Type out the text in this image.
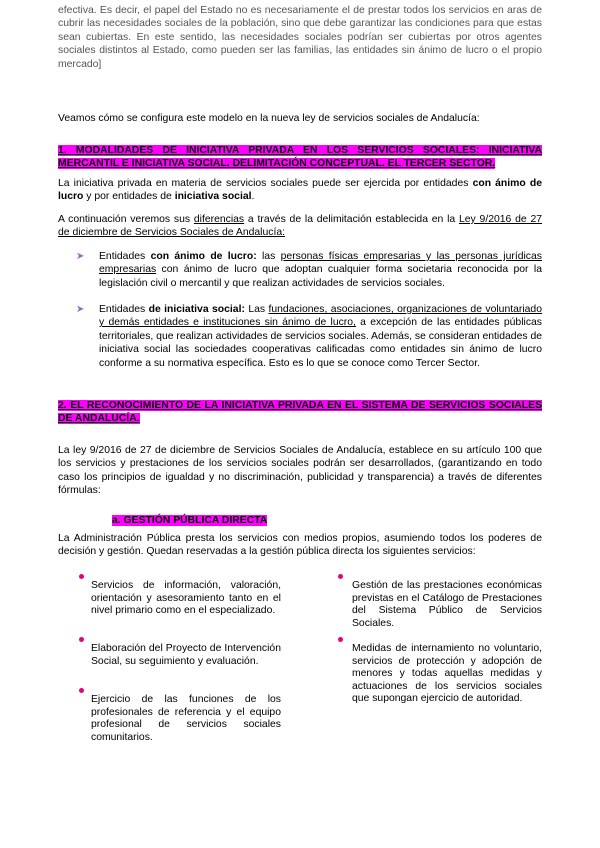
efectiva. Es decir, el papel del Estado no es necesariamente el de prestar todos los servicios en aras de cubrir las necesidades sociales de la población, sino que debe garantizar las condiciones para que estas sean cubiertas. En este sentido, las necesidades sociales podrían ser cubiertas por otros agentes sociales distintos al Estado, como pueden ser las familias, las entidades sin ánimo de lucro o el propio mercado]

Veamos cómo se configura este modelo en la nueva ley de servicios sociales de Andalucía:

1. MODALIDADES DE INICIATIVA PRIVADA EN LOS SERVICIOS SOCIALES: INICIATIVA MERCANTIL E INICIATIVA SOCIAL. DELIMITACIÓN CONCEPTUAL. EL TERCER SECTOR.

La iniciativa privada en materia de servicios sociales puede ser ejercida por entidades con ánimo de lucro y por entidades de iniciativa social.

A continuación veremos sus diferencias a través de la delimitación establecida en la Ley 9/2016 de 27 de diciembre de Servicios Sociales de Andalucía:

➤ Entidades con ánimo de lucro: las personas físicas empresarias y las personas jurídicas empresarias con ánimo de lucro que adoptan cualquier forma societaria reconocida por la legislación civil o mercantil y que realizan actividades de servicios sociales.

➤ Entidades de iniciativa social: Las fundaciones, asociaciones, organizaciones de voluntariado y demás entidades e instituciones sin ánimo de lucro, a excepción de las entidades públicas territoriales, que realizan actividades de servicios sociales. Además, se consideran entidades de iniciativa social las sociedades cooperativas calificadas como entidades sin ánimo de lucro conforme a su normativa específica. Esto es lo que se conoce como Tercer Sector.

2. EL RECONOCIMIENTO DE LA INICIATIVA PRIVADA EN EL SISTEMA DE SERVICIOS SOCIALES DE ANDALUCÍA.

La ley 9/2016 de 27 de diciembre de Servicios Sociales de Andalucía, establece en su artículo 100 que los servicios y prestaciones de los servicios sociales podrán ser desarrollados, (garantizando en todo caso los principios de igualdad y no discriminación, publicidad y transparencia) a través de diferentes fórmulas:

a. GESTIÓN PÚBLICA DIRECTA

La Administración Pública presta los servicios con medios propios, asumiendo todos los poderes de decisión y gestión. Quedan reservadas a la gestión pública directa los siguientes servicios:

Servicios de información, valoración, orientación y asesoramiento tanto en el nivel primario como en el especializado.

Elaboración del Proyecto de Intervención Social, su seguimiento y evaluación.

Ejercicio de las funciones de los profesionales de referencia y el equipo profesional de servicios sociales comunitarios.

Gestión de las prestaciones económicas previstas en el Catálogo de Prestaciones del Sistema Público de Servicios Sociales.

Medidas de internamiento no voluntario, servicios de protección y adopción de menores y todas aquellas medidas y actuaciones de los servicios sociales que supongan ejercicio de autoridad.
